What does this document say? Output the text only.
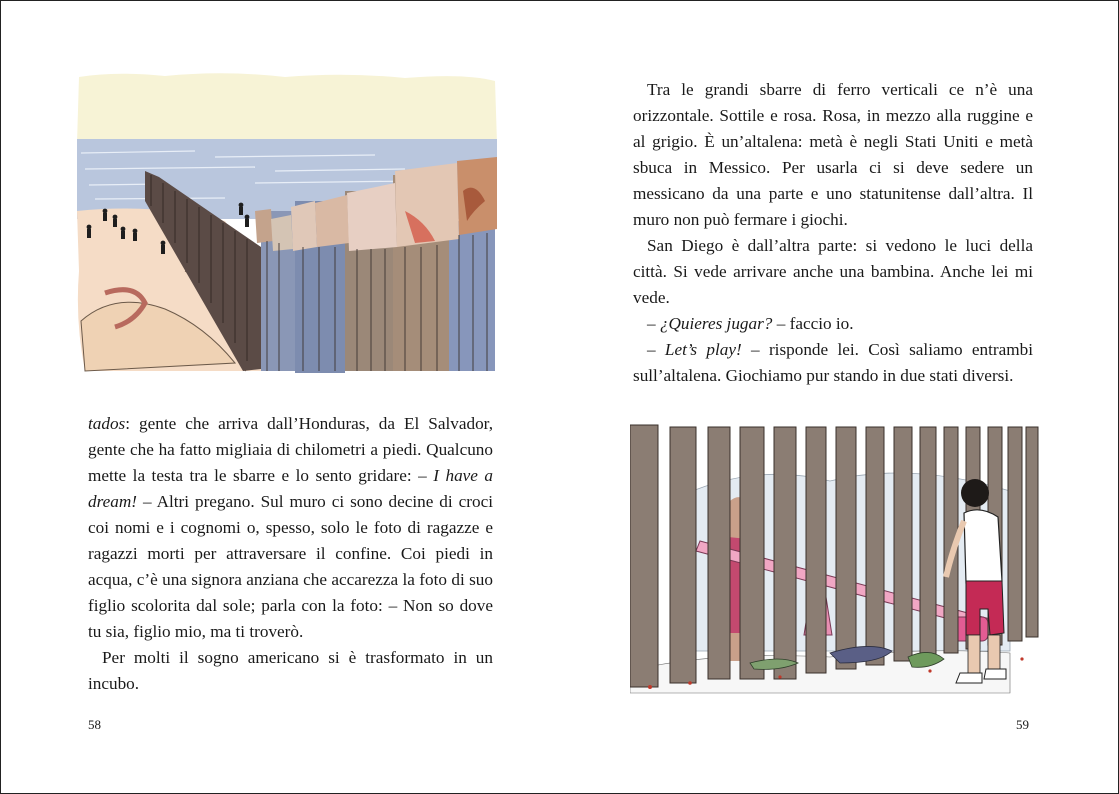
tados: gente che arriva dall’Honduras, da El Salvador, gente che ha fatto migliaia di chilometri a piedi. Qualcuno mette la testa tra le sbarre e lo sento gridare: – I have a dream! – Altri pregano. Sul muro ci sono decine di croci coi nomi e i cognomi o, spesso, solo le foto di ragazze e ragazzi morti per attraversare il confine. Coi piedi in acqua, c’è una signora anziana che accarezza la foto di suo figlio scolorita dal sole; parla con la foto: – Non so dove tu sia, figlio mio, ma ti troverò.

Per molti il sogno americano si è trasformato in un incubo.

58

Tra le grandi sbarre di ferro verticali ce n’è una orizzontale. Sottile e rosa. Rosa, in mezzo alla ruggine e al grigio. È un’altalena: metà è negli Stati Uniti e metà sbuca in Messico. Per usarla ci si deve sedere un messicano da una parte e uno statunitense dall’altra. Il muro non può fermare i giochi.

San Diego è dall’altra parte: si vedono le luci della città. Si vede arrivare anche una bambina. Anche lei mi vede.

– ¿Quieres jugar? – faccio io.

– Let’s play! – risponde lei. Così saliamo entrambi sull’altalena. Giochiamo pur stando in due stati diversi.

59
